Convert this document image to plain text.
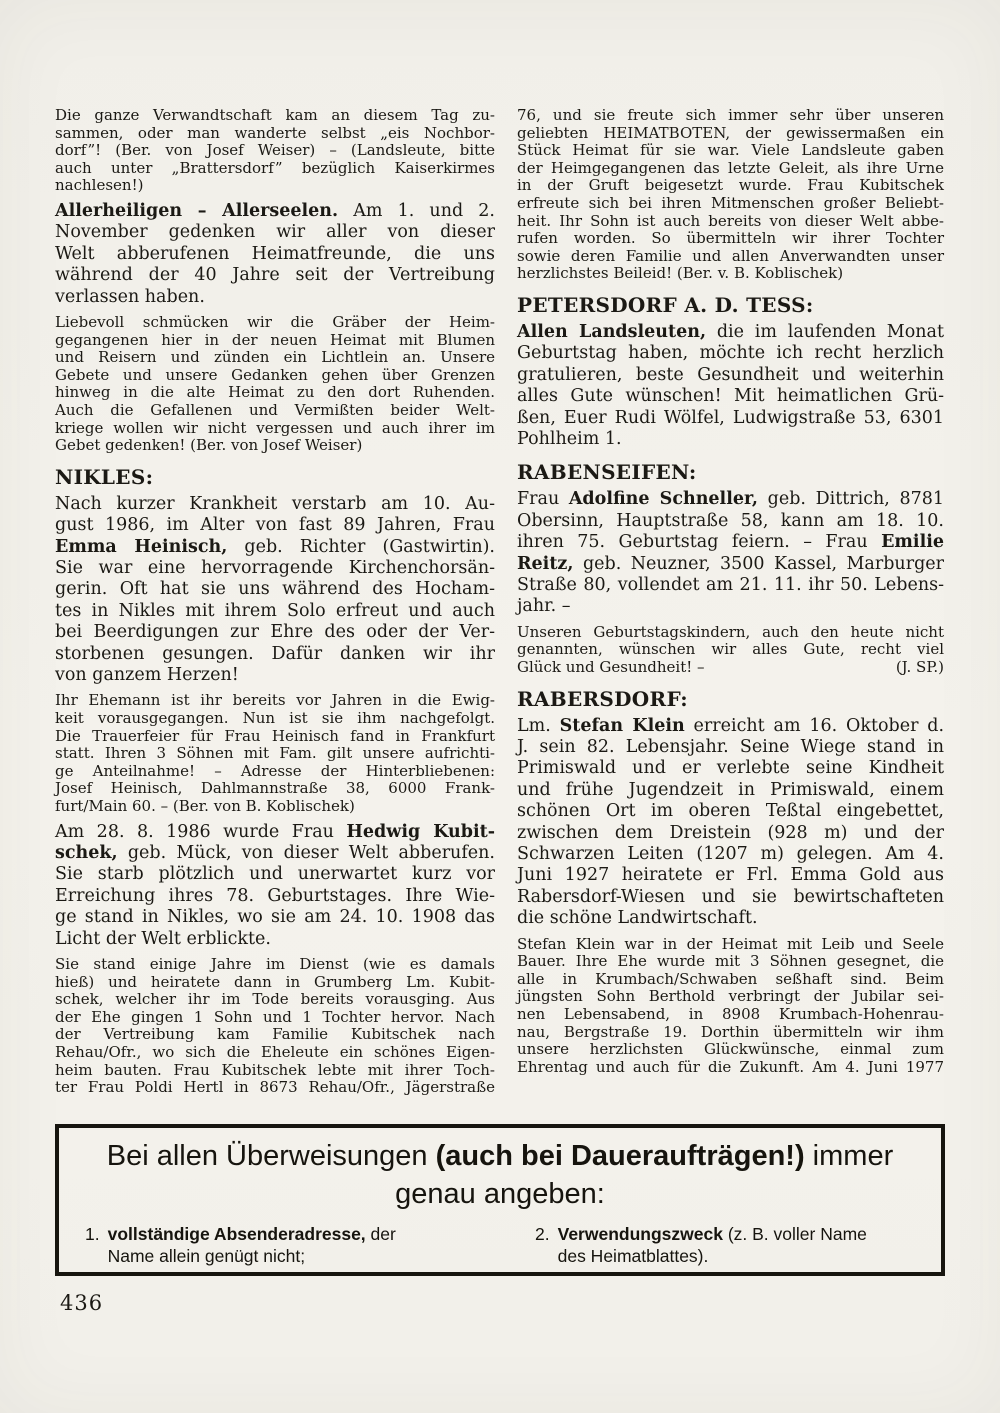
Die ganze Verwandtschaft kam an diesem Tag zu-
sammen, oder man wanderte selbst „eis Nochbor-
dorf”! (Ber. von Josef Weiser) – (Landsleute, bitte
auch unter „Brattersdorf” bezüglich Kaiserkirmes
nachlesen!)
Allerheiligen – Allerseelen. Am 1. und 2.
November gedenken wir aller von dieser
Welt abberufenen Heimatfreunde, die uns
während der 40 Jahre seit der Vertreibung
verlassen haben.
Liebevoll schmücken wir die Gräber der Heim-
gegangenen hier in der neuen Heimat mit Blumen
und Reisern und zünden ein Lichtlein an. Unsere
Gebete und unsere Gedanken gehen über Grenzen
hinweg in die alte Heimat zu den dort Ruhenden.
Auch die Gefallenen und Vermißten beider Welt-
kriege wollen wir nicht vergessen und auch ihrer im
Gebet gedenken! (Ber. von Josef Weiser)
NIKLES:
Nach kurzer Krankheit verstarb am 10. Au-
gust 1986, im Alter von fast 89 Jahren, Frau
Emma Heinisch, geb. Richter (Gastwirtin).
Sie war eine hervorragende Kirchenchorsän-
gerin. Oft hat sie uns während des Hocham-
tes in Nikles mit ihrem Solo erfreut und auch
bei Beerdigungen zur Ehre des oder der Ver-
storbenen gesungen. Dafür danken wir ihr
von ganzem Herzen!
Ihr Ehemann ist ihr bereits vor Jahren in die Ewig-
keit vorausgegangen. Nun ist sie ihm nachgefolgt.
Die Trauerfeier für Frau Heinisch fand in Frankfurt
statt. Ihren 3 Söhnen mit Fam. gilt unsere aufrichti-
ge Anteilnahme! – Adresse der Hinterbliebenen:
Josef Heinisch, Dahlmannstraße 38, 6000 Frank-
furt/Main 60. – (Ber. von B. Koblischek)
Am 28. 8. 1986 wurde Frau Hedwig Kubit-
schek, geb. Mück, von dieser Welt abberufen.
Sie starb plötzlich und unerwartet kurz vor
Erreichung ihres 78. Geburtstages. Ihre Wie-
ge stand in Nikles, wo sie am 24. 10. 1908 das
Licht der Welt erblickte.
Sie stand einige Jahre im Dienst (wie es damals
hieß) und heiratete dann in Grumberg Lm. Kubit-
schek, welcher ihr im Tode bereits vorausging. Aus
der Ehe gingen 1 Sohn und 1 Tochter hervor. Nach
der Vertreibung kam Familie Kubitschek nach
Rehau/Ofr., wo sich die Eheleute ein schönes Eigen-
heim bauten. Frau Kubitschek lebte mit ihrer Toch-
ter Frau Poldi Hertl in 8673 Rehau/Ofr., Jägerstraße
76, und sie freute sich immer sehr über unseren
geliebten HEIMATBOTEN, der gewissermaßen ein
Stück Heimat für sie war. Viele Landsleute gaben
der Heimgegangenen das letzte Geleit, als ihre Urne
in der Gruft beigesetzt wurde. Frau Kubitschek
erfreute sich bei ihren Mitmenschen großer Beliebt-
heit. Ihr Sohn ist auch bereits von dieser Welt abbe-
rufen worden. So übermitteln wir ihrer Tochter
sowie deren Familie und allen Anverwandten unser
herzlichstes Beileid! (Ber. v. B. Koblischek)
PETERSDORF A. D. TESS:
Allen Landsleuten, die im laufenden Monat
Geburtstag haben, möchte ich recht herzlich
gratulieren, beste Gesundheit und weiterhin
alles Gute wünschen! Mit heimatlichen Grü-
ßen, Euer Rudi Wölfel, Ludwigstraße 53, 6301
Pohlheim 1.
RABENSEIFEN:
Frau Adolfine Schneller, geb. Dittrich, 8781
Obersinn, Hauptstraße 58, kann am 18. 10.
ihren 75. Geburtstag feiern. – Frau Emilie
Reitz, geb. Neuzner, 3500 Kassel, Marburger
Straße 80, vollendet am 21. 11. ihr 50. Lebens-
jahr. –
Unseren Geburtstagskindern, auch den heute nicht
genannten, wünschen wir alles Gute, recht viel
Glück und Gesundheit! –	(J. SP.)
RABERSDORF:
Lm. Stefan Klein erreicht am 16. Oktober d.
J. sein 82. Lebensjahr. Seine Wiege stand in
Primiswald und er verlebte seine Kindheit
und frühe Jugendzeit in Primiswald, einem
schönen Ort im oberen Teßtal eingebettet,
zwischen dem Dreistein (928 m) und der
Schwarzen Leiten (1207 m) gelegen. Am 4.
Juni 1927 heiratete er Frl. Emma Gold aus
Rabersdorf-Wiesen und sie bewirtschafteten
die schöne Landwirtschaft.
Stefan Klein war in der Heimat mit Leib und Seele
Bauer. Ihre Ehe wurde mit 3 Söhnen gesegnet, die
alle in Krumbach/Schwaben seßhaft sind. Beim
jüngsten Sohn Berthold verbringt der Jubilar sei-
nen Lebensabend, in 8908 Krumbach-Hohenrau-
nau, Bergstraße 19. Dorthin übermitteln wir ihm
unsere herzlichsten Glückwünsche, einmal zum
Ehrentag und auch für die Zukunft. Am 4. Juni 1977
Bei allen Überweisungen (auch bei Daueraufträgen!) immer
genau angeben:
1. vollständige Absenderadresse, der
Name allein genügt nicht;
2. Verwendungszweck (z. B. voller Name
des Heimatblattes).
436
